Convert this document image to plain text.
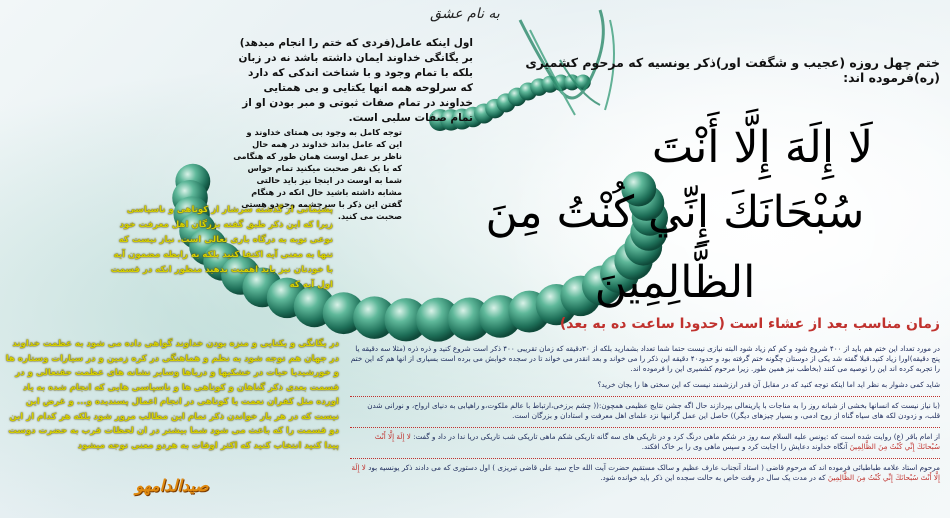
به نام عشق
ختم چهل روزه (عجیب و شگفت اور)ذکر یونسیه که مرحوم کشمیری (ره)فرموده اند:
لَا إِلَهَ إِلَّا أَنْتَ
سُبْحَانَكَ إِنِّي كُنْتُ مِنَ الظَّالِمِينَ
زمان مناسب بعد از عشاء است (حدودا ساعت ده به بعد)

در مورد تعداد این ختم هم باید از ۴۰۰ شروع شود و کم کم زیاد شود البته نیازی نیست حتما شما تعداد بشمارید بلکه از ۳۰دقیقه که زمان تقریبی ۴۰۰ ذکر است شروع کنید و ذره ذره (مثلا سه دقیقه یا پنج دقیقه)اورا زیاد کنید.قبلا گفته شد یکی از دوستان چگونه ختم گرفته بود و حدود۴۰ دقیقه این ذکر را می خواند و بعد انقدر می خواند تا در سجده خوابش می برده است بسیاری از انها هم که این ختم را تجربه کرده اند این را توصیه می کنند (بخاطب نیز همین طور. زیرا مرحوم کشمیری این را فرموده اند.

شاید کمی دشوار به نظر اید اما اینکه توجه کنید که در مقابل آن قدر ارزشمند نیست که این سختی ها را بجان خرید؟

(با نیاز نیست که انسانها بخشی از شبانه روز را به مناجات با پارینعالی بپردازند حال اگه جشن نتایج عظیمی همچون:(( چشم برزخی،ارتباط با عالم ملکوت،و راهیابی به دنیای ارواح، و نورانی شدن قلب، و زدودن لکه های سیاه گناه از روح ادمی، و بسیار چیزهای دیگر)) حاصل این عمل گرانبها نزد علمای اهل معرفت و استادان و بزرگان است.

از امام باقر (ع) روایت شده است که :یونس علیه السلام سه روز در شکم ماهی درنگ کرد و در تاریکی های سه گانه تاریکی شکم ماهی تاریکی شب تاریکی دریا ندا در داد و گفت: لا إِلَهَ إِلَّا أَنْتَ سُبْحانَكَ إِنِّي كُنْتُ مِنَ الظَّالِمِينَ آنگاه خداوند دعایش را اجابت کرد و سپس ماهی وی را بر خاک افکند.

مرحوم استاد علامه طباطبائی فرموده اند که مرحوم قاضی ( استاد آنجناب عارف عظیم و سالک مستقیم حضرت آیت الله حاج سید علی قاضی تبریزی ) اول دستوری که می دادند ذکر یونسیه بود لا إِلَهَ إِلَّا أَنْتَ سُبْحانَكَ إِنِّي كُنْتُ مِنَ الظَّالِمِينَ که در مدت یک سال در وقت خاص به حالت سجده این ذکر باید خوانده شود.

اول اینکه عامل(فردی که ختم را انجام میدهد) بر یگانگی خداوند ایمان داشته باشد نه در زبان بلکه با تمام وجود و با شناخت اندکی که دارد که سرلوحه همه انها یکتایی و بی همتایی خداوند در تمام صفات ثبوتی و مبر بودن او از تمام صفات سلبی است.
توجه کامل به وجود بی همتای خداوند و این که عامل بداند خداوند در همه حال ناظر بر عمل اوست همان طور که هنگامی که با یک نفر صحبت میکنید تمام حواس شما به اوست در اینجا نیز باید حالتی مشابه داشته باشید حال انکه در هنگام گفتن این ذکر با سرچشمه وجودو هستی صحبت می کنید.
پشیمانی از گذشته سرشار از کوتاهی و ناسپاسی زیرا که این ذکر طبق گفته بزرگان اهل معرفت خود نوعی توبه به درگاه باری تعالی است. نیاز نیست که تنها به معنی آیه اکتفا کنید بلکه به رابطه مضمون آیه با خودتان نیز باید اهمیت بدهید منظور انکه در قسمت اول آیه که
در یگانگی و یکتایی و منزه بودن خداوند گواهی داده می شود به عظمت خداوند در جهان هم توجه شود به نظم و هماهنگی در کره زمین و در سیارات وستاره ها و خورشیدیا حیات در خشکیها و دریاها وسایر نشانه های عظمت حقتعالی و در قسمت بعدی ذکر گناهان و کوتاهی ها و ناسپاسی هایی که انجام شده به یاد اورده مثل کفران نعمت یا کوتاهی در انجام اعمال پسندیده و... و غرض این نیست که در هر بار خواندن ذکر تمام این مطالب مرور شود بلکه هر کدام از این دو قسمت را که باعث می شود شما بیشتر در ان لحظات قرب به حضرت دوست پیدا کنید انتخاب کنید که اکثر اوقات به هردو معنی توجه میشود
صیدالدامهو
